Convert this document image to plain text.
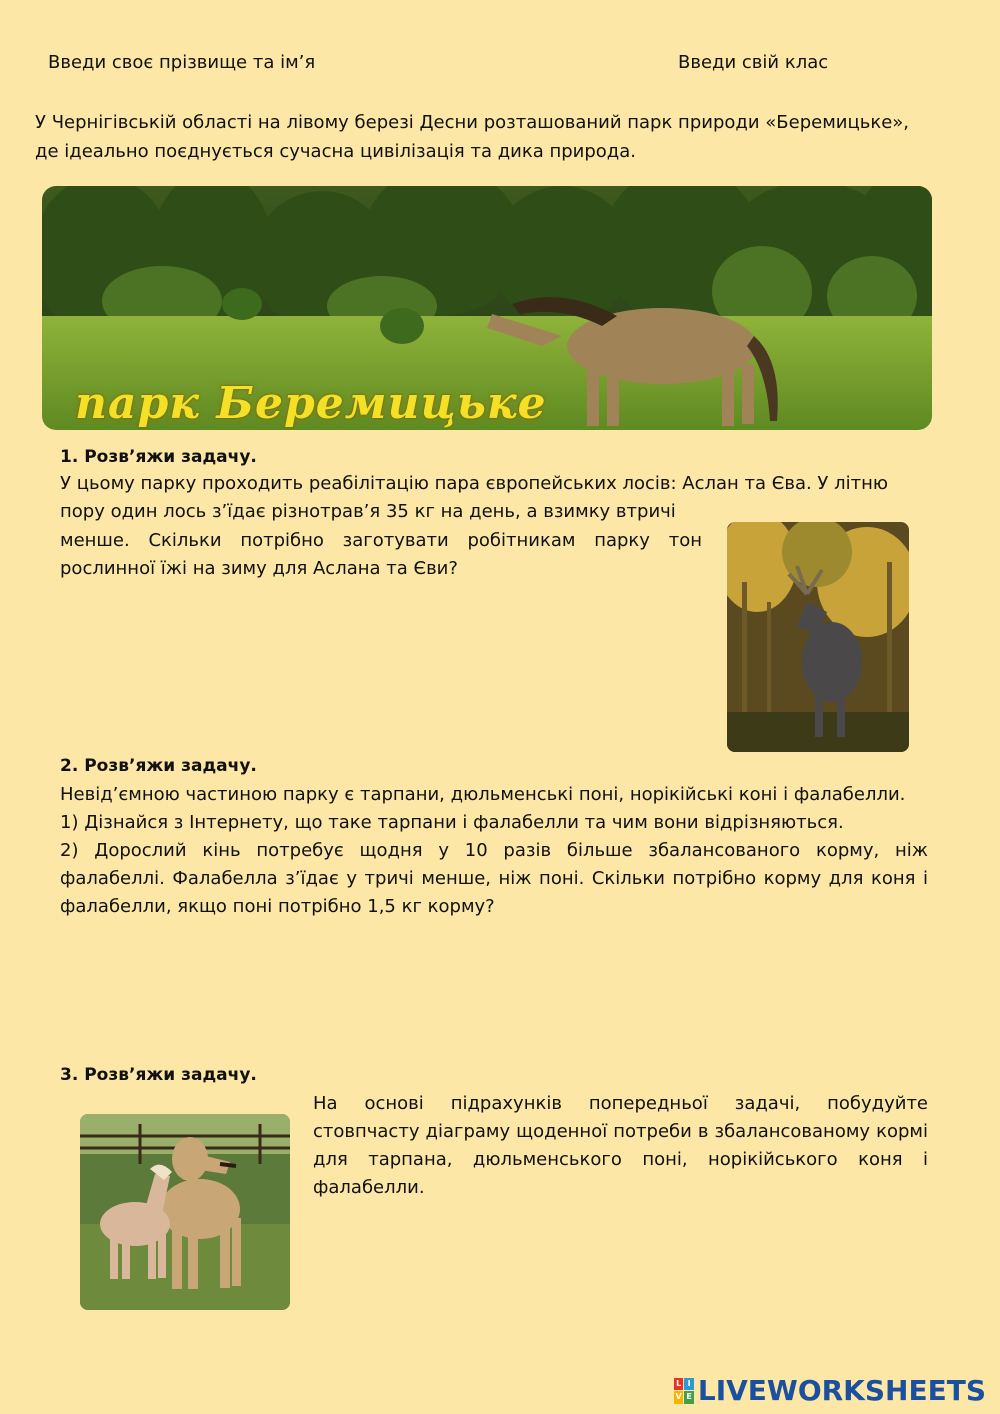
Введи своє прізвище та ім’я	Введи свій клас

У Чернігівській області на лівому березі Десни розташований парк природи «Беремицьке»,

де ідеально поєднується сучасна цивілізація та дика природа.

парк Беремицьке
1. Розв’яжи задачу.
У цьому парку проходить реабілітацію пара європейських лосів: Аслан та Єва. У літню
пору один лось з’їдає різнотрав’я 35 кг на день, а взимку втричі
менше. Скільки потрібно заготувати робітникам парку тон
рослинної їжі на зиму для Аслана та Єви?
2. Розв’яжи задачу.
Невід’ємною частиною парку є тарпани, дюльменські поні, норікійські коні і фалабелли.
1) Дізнайся з Інтернету, що таке тарпани і фалабелли та чим вони відрізняються.
2) Дорослий кінь потребує щодня у 10 разів більше збалансованого корму, ніж
фалабеллі. Фалабелла з’їдає у тричі менше, ніж поні. Скільки потрібно корму для коня і
фалабелли, якщо поні потрібно 1,5 кг корму?
3. Розв’яжи задачу.
На основі підрахунків попередньої задачі, побудуйте
стовпчасту діаграму щоденної потреби в збалансованому кормі
для тарпана, дюльменського поні, норікійського коня і
фалабелли.
L I
V E LIVEWORKSHEETS
